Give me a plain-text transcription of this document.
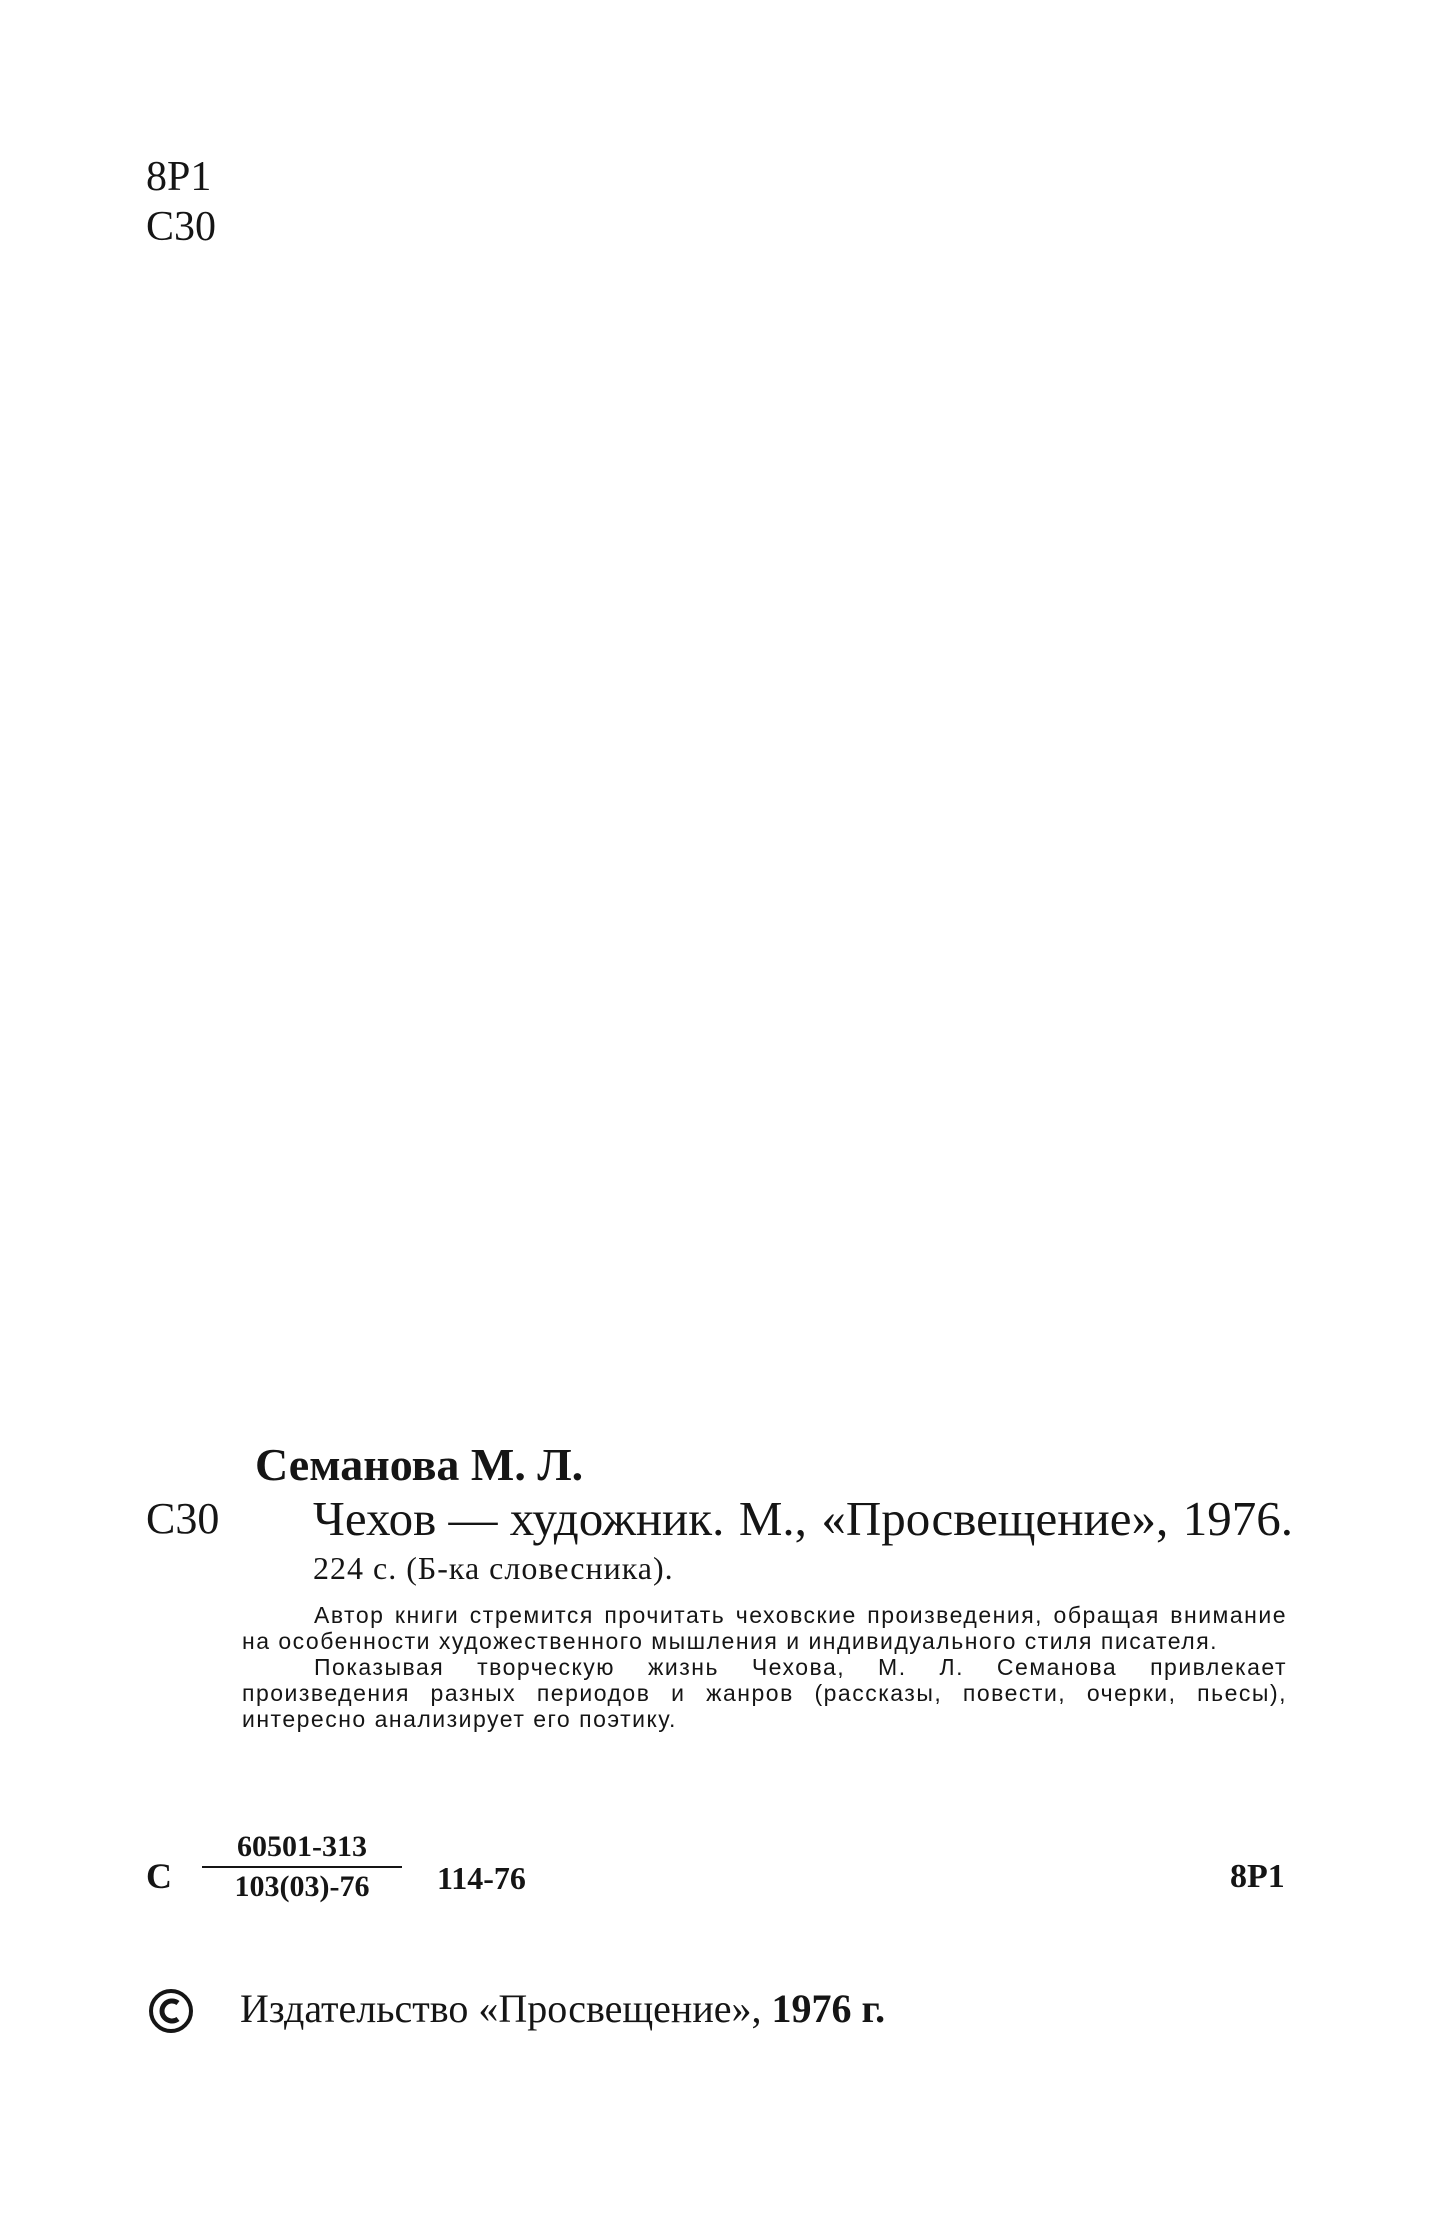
8Р1
С30
Семанова М. Л.
С30 Чехов — художник. М., «Просвещение», 1976.
224 с. (Б-ка словесника).

Автор книги стремится прочитать чеховские произведения, обращая внимание на особенности художественного мышления и индивидуального стиля писателя.

Показывая творческую жизнь Чехова, М. Л. Семанова привлекает произведения разных периодов и жанров (рассказы, повести, очерки, пьесы), интересно анализирует его поэтику.

С $\frac{60501-313}{103(03)-76} 114-76$	8Р1
Издательство «Просвещение», 1976 г.
